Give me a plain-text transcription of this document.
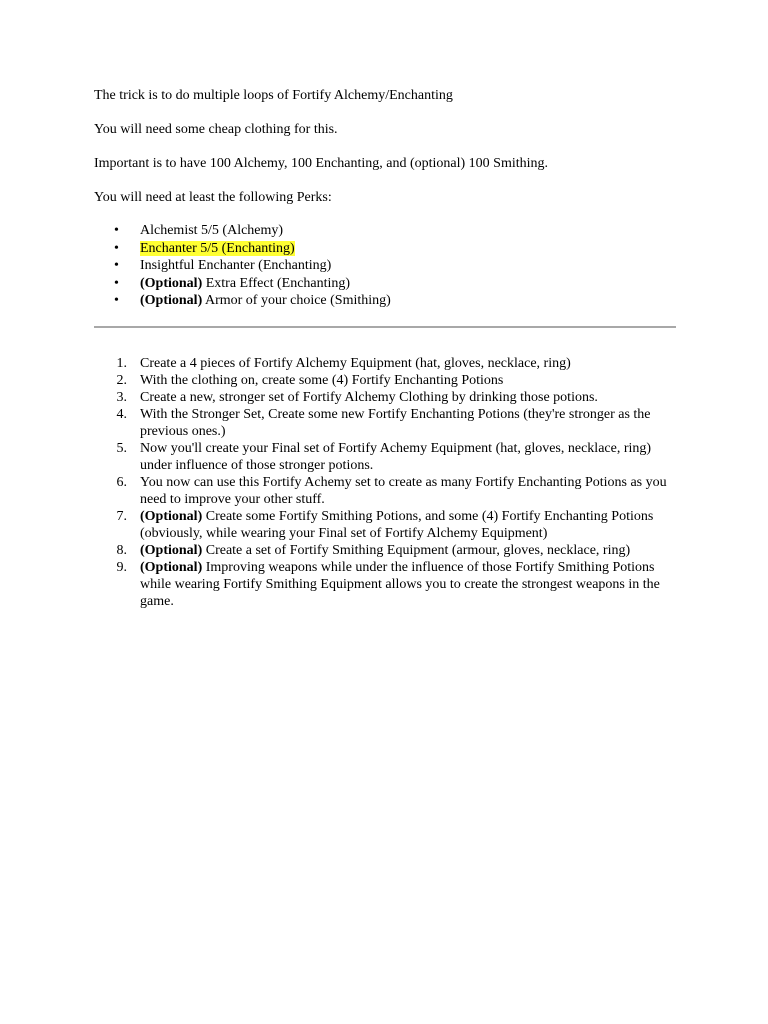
The trick is to do multiple loops of Fortify Alchemy/Enchanting

You will need some cheap clothing for this.

Important is to have 100 Alchemy, 100 Enchanting, and (optional) 100 Smithing.

You will need at least the following Perks:

• Alchemist 5/5 (Alchemy)
• Enchanter 5/5 (Enchanting)
• Insightful Enchanter (Enchanting)
• (Optional) Extra Effect (Enchanting)
• (Optional) Armor of your choice (Smithing)
1. Create a 4 pieces of Fortify Alchemy Equipment (hat, gloves, necklace, ring)
2. With the clothing on, create some (4) Fortify Enchanting Potions
3. Create a new, stronger set of Fortify Alchemy Clothing by drinking those potions.
4. With the Stronger Set, Create some new Fortify Enchanting Potions (they're stronger as the previous ones.)
5. Now you'll create your Final set of Fortify Achemy Equipment (hat, gloves, necklace, ring) under influence of those stronger potions.
6. You now can use this Fortify Achemy set to create as many Fortify Enchanting Potions as you need to improve your other stuff.
7. (Optional) Create some Fortify Smithing Potions, and some (4) Fortify Enchanting Potions (obviously, while wearing your Final set of Fortify Alchemy Equipment)
8. (Optional) Create a set of Fortify Smithing Equipment (armour, gloves, necklace, ring)
9. (Optional) Improving weapons while under the influence of those Fortify Smithing Potions while wearing Fortify Smithing Equipment allows you to create the strongest weapons in the game.
